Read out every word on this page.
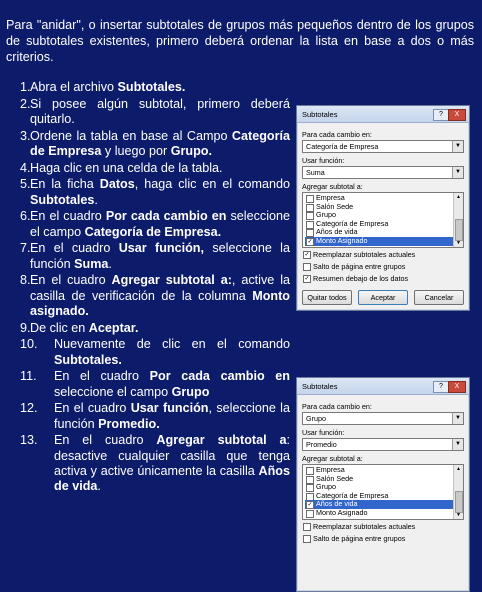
Para "anidar", o insertar subtotales de grupos más pequeños dentro de los grupos de subtotales existentes, primero deberá ordenar la lista en base a dos o más criterios.

1. Abra el archivo Subtotales.
2. Si posee algún subtotal, primero deberá quitarlo.
3. Ordene la tabla en base al Campo Categoría de Empresa y luego por Grupo.
4. Haga clic en una celda de la tabla.
5. En la ficha Datos, haga clic en el comando Subtotales.
6. En el cuadro Por cada cambio en seleccione el campo Categoría de Empresa.
7. En el cuadro Usar función, seleccione la función Suma.
8. En el cuadro Agregar subtotal a:, active la casilla de verificación de la columna Monto asignado.
9. De clic en Aceptar.
10.	Nuevamente de clic en el comando Subtotales.
11.	En el cuadro Por cada cambio en seleccione el campo Grupo
12.	En el cuadro Usar función, seleccione la función Promedio.
13.	En el cuadro Agregar subtotal a: desactive cualquier casilla que tenga activa y active únicamente la casilla Años de vida.
Subtotales	?	X
Para cada cambio en:
Categoría de Empresa	▼
Usar función:
Suma	▼
Agregar subtotal a:
Empresa
Salón Sede
Grupo
Categoría de Empresa
Años de vida
✓ Monto Asignado
▲
▼
✓ Reemplazar subtotales actuales
Salto de página entre grupos
✓ Resumen debajo de los datos
Quitar todos	Aceptar	Cancelar
Subtotales	?	X
Para cada cambio en:
Grupo	▼
Usar función:
Promedio	▼
Agregar subtotal a:
Empresa
Salón Sede
Grupo
Categoría de Empresa
✓ Años de vida
Monto Asignado
▲
▼
Reemplazar subtotales actuales
Salto de página entre grupos
